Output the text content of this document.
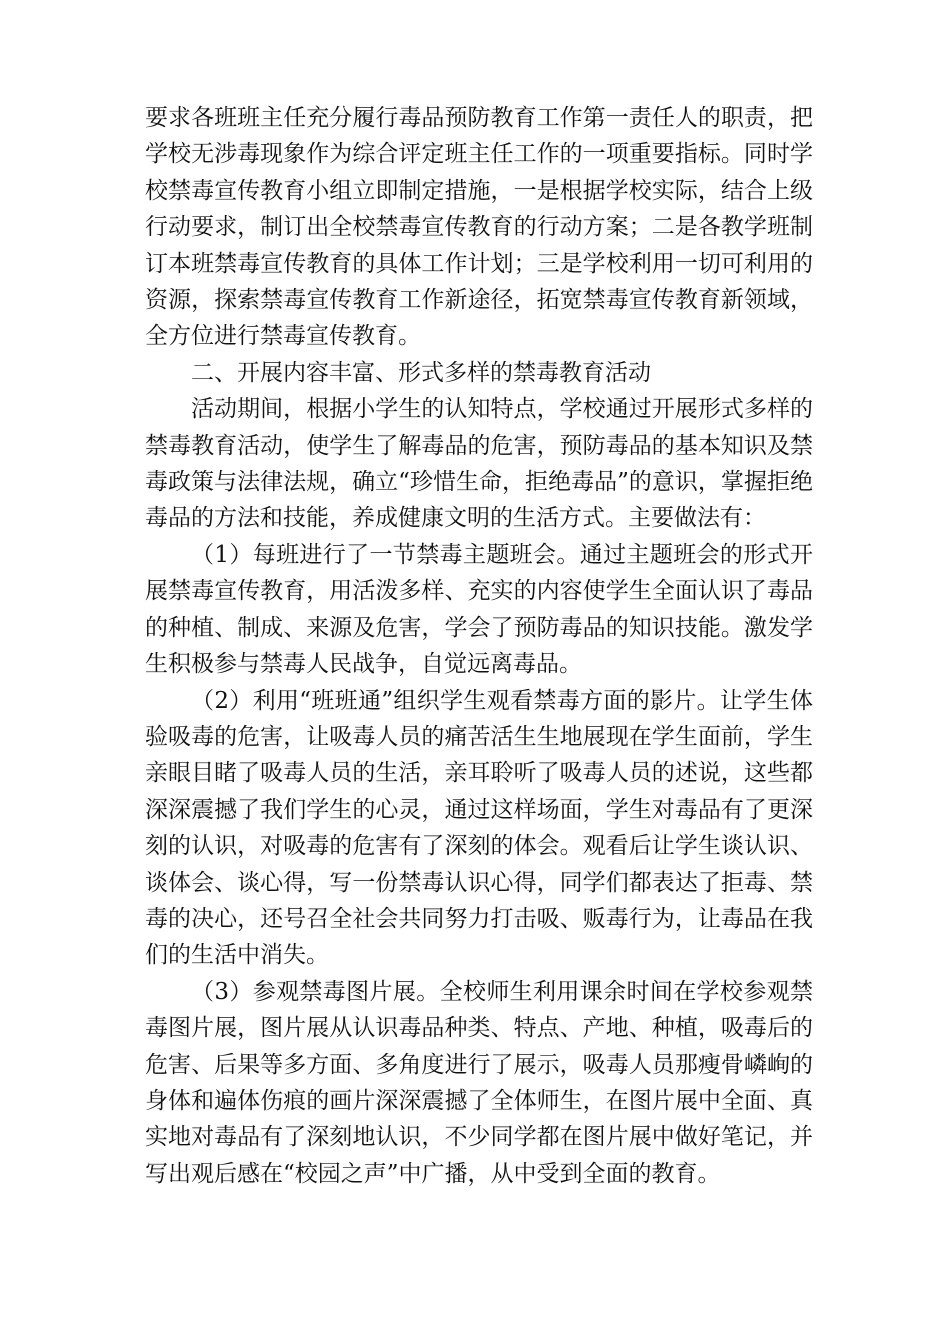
要求各班班主任充分履行毒品预防教育工作第一责任人的职责，把学校无涉毒现象作为综合评定班主任工作的一项重要指标。同时学校禁毒宣传教育小组立即制定措施，一是根据学校实际，结合上级行动要求，制订出全校禁毒宣传教育的行动方案；二是各教学班制订本班禁毒宣传教育的具体工作计划；三是学校利用一切可利用的资源，探索禁毒宣传教育工作新途径，拓宽禁毒宣传教育新领域，全方位进行禁毒宣传教育。

二、开展内容丰富、形式多样的禁毒教育活动

活动期间，根据小学生的认知特点，学校通过开展形式多样的禁毒教育活动，使学生了解毒品的危害，预防毒品的基本知识及禁毒政策与法律法规，确立“珍惜生命，拒绝毒品”的意识，掌握拒绝毒品的方法和技能，养成健康文明的生活方式。主要做法有：

（1）每班进行了一节禁毒主题班会。通过主题班会的形式开展禁毒宣传教育，用活泼多样、充实的内容使学生全面认识了毒品的种植、制成、来源及危害，学会了预防毒品的知识技能。激发学生积极参与禁毒人民战争，自觉远离毒品。

（2）利用“班班通”组织学生观看禁毒方面的影片。让学生体验吸毒的危害，让吸毒人员的痛苦活生生地展现在学生面前，学生亲眼目睹了吸毒人员的生活，亲耳聆听了吸毒人员的述说，这些都深深震撼了我们学生的心灵，通过这样场面，学生对毒品有了更深刻的认识，对吸毒的危害有了深刻的体会。观看后让学生谈认识、谈体会、谈心得，写一份禁毒认识心得，同学们都表达了拒毒、禁毒的决心，还号召全社会共同努力打击吸、贩毒行为，让毒品在我们的生活中消失。

（3）参观禁毒图片展。全校师生利用课余时间在学校参观禁毒图片展，图片展从认识毒品种类、特点、产地、种植，吸毒后的危害、后果等多方面、多角度进行了展示，吸毒人员那瘦骨嶙峋的身体和遍体伤痕的画片深深震撼了全体师生，在图片展中全面、真实地对毒品有了深刻地认识，不少同学都在图片展中做好笔记，并写出观后感在“校园之声”中广播，从中受到全面的教育。
